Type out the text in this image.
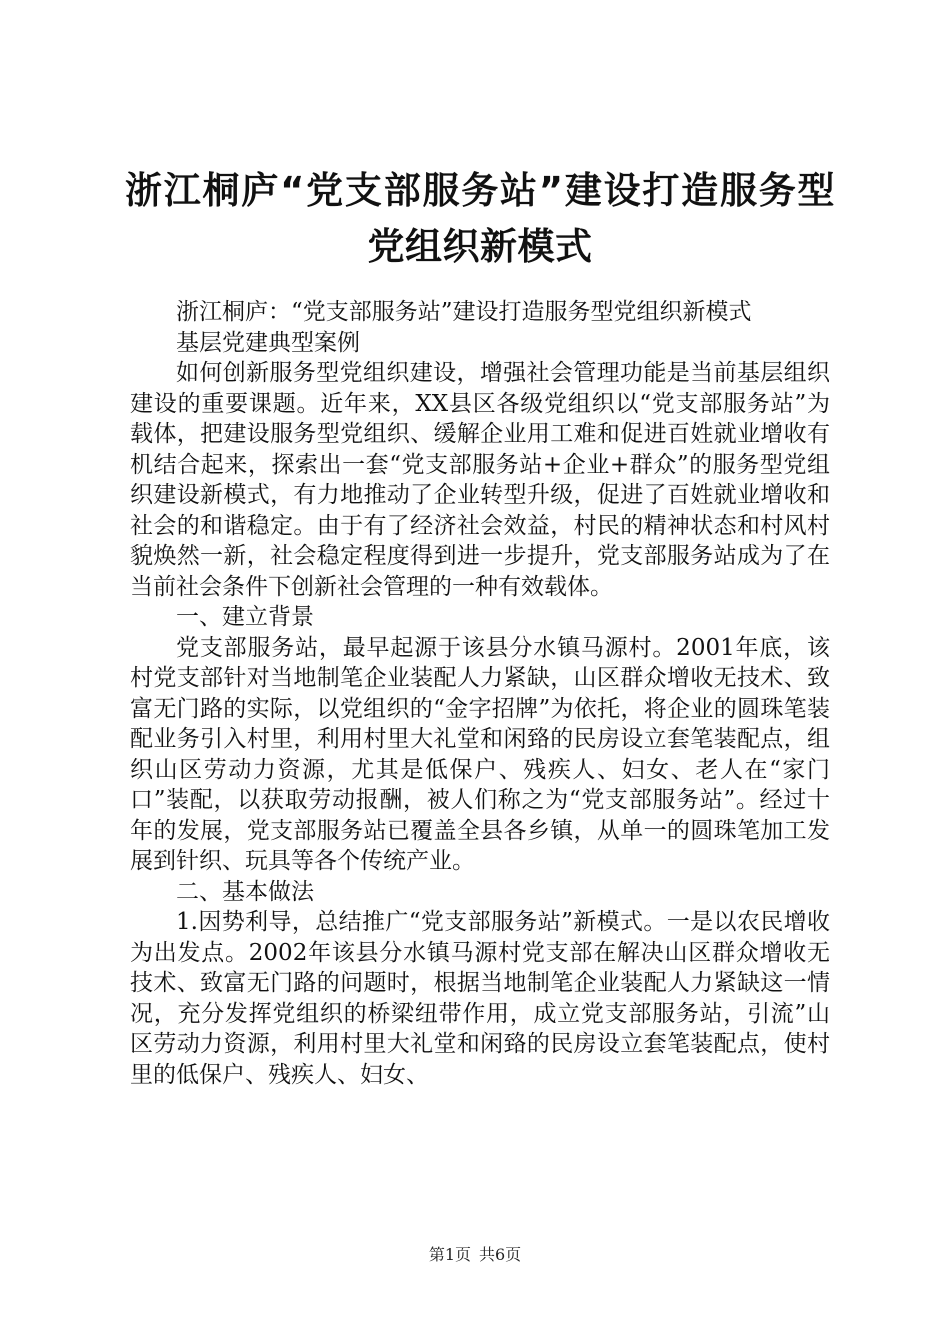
浙江桐庐“党支部服务站”建设打造服务型党组织新模式

浙江桐庐：“党支部服务站”建设打造服务型党组织新模式

基层党建典型案例

如何创新服务型党组织建设，增强社会管理功能是当前基层组织建设的重要课题。近年来，XX县区各级党组织以“党支部服务站”为载体，把建设服务型党组织、缓解企业用工难和促进百姓就业增收有机结合起来，探索出一套“党支部服务站+企业+群众”的服务型党组织建设新模式，有力地推动了企业转型升级，促进了百姓就业增收和社会的和谐稳定。由于有了经济社会效益，村民的精神状态和村风村貌焕然一新，社会稳定程度得到进一步提升，党支部服务站成为了在当前社会条件下创新社会管理的一种有效载体。

一、建立背景

党支部服务站，最早起源于该县分水镇马源村。2001年底，该村党支部针对当地制笔企业装配人力紧缺，山区群众增收无技术、致富无门路的实际，以党组织的“金字招牌”为依托，将企业的圆珠笔装配业务引入村里，利用村里大礼堂和闲臵的民房设立套笔装配点，组织山区劳动力资源，尤其是低保户、残疾人、妇女、老人在“家门口”装配，以获取劳动报酬，被人们称之为“党支部服务站”。经过十年的发展，党支部服务站已覆盖全县各乡镇，从单一的圆珠笔加工发展到针织、玩具等各个传统产业。

二、基本做法

1.因势利导，总结推广“党支部服务站”新模式。一是以农民增收为出发点。2002年该县分水镇马源村党支部在解决山区群众增收无技术、致富无门路的问题时，根据当地制笔企业装配人力紧缺这一情况，充分发挥党组织的桥梁纽带作用，成立党支部服务站，引流”山区劳动力资源，利用村里大礼堂和闲臵的民房设立套笔装配点，使村里的低保户、残疾人、妇女、

第1页 共6页
